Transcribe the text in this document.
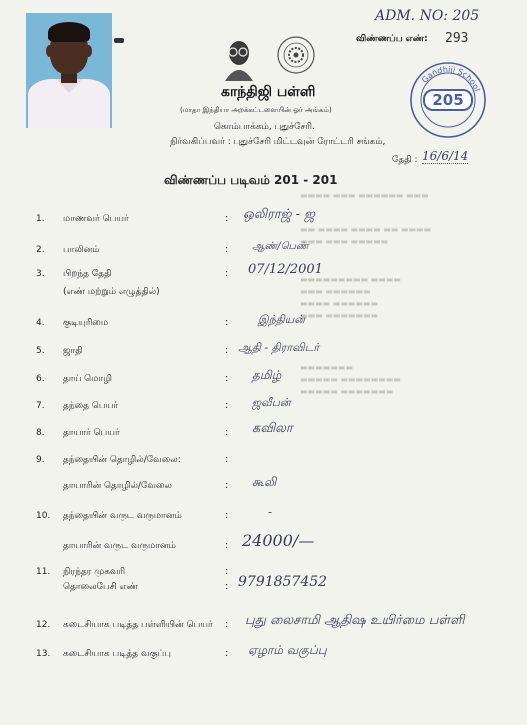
▬▬▬▬ ▬▬▬ ▬▬▬▬▬▬ ▬▬▬
▬▬ ▬▬▬▬ ▬▬▬▬ ▬▬ ▬▬▬▬
▬▬▬ ▬▬▬ ▬▬▬▬▬
▬▬▬▬▬▬▬▬▬ ▬▬▬▬
▬▬▬ ▬▬▬▬▬▬
▬▬▬▬ ▬▬▬▬▬▬
▬▬▬ ▬▬▬▬▬▬▬
▬▬▬▬▬▬▬
▬▬▬▬▬ ▬▬▬▬▬▬▬▬
▬▬▬▬▬ ▬▬▬▬▬▬▬
ADM. NO: 205
விண்ணப்ப எண்: 293
காந்திஜி பள்ளி
(மாதா இந்தியா அறக்கட்டளையின் ஓர் அங்கம்)
கொம்பாக்கம், புதுச்சேரி.
நிர்வகிப்பவர் : புதுச்சேரி மிட்டவுன் ரோட்டரி சங்கம்,
Gandhiji School
205
தேதி : 16/6/14
விண்ணப்ப படிவம் 201 - 201
1. மாணவர் பெயர்	: ஒலிராஜ் - ஜ
2. பாலினம்	: ஆண்/பெண்
3. பிறந்த தேதி
(எண் மற்றும் எழுத்தில்)
: 07/12/2001
4. குடியுரிமை	:	இந்தியன்
5. ஜாதி	: ஆதி - திராவிடர்
6. தாய் மொழி	: தமிழ்
7. தந்தை பெயர்	: ஜவீபன்
8. தாயார் பெயர்	: கவிலா
9. தந்தையின் தொழில்/வேலை:	:
தாயாரின் தொழில்/வேலை	: கூலி
10. தந்தையின் வருட வருமானம்	:	-
தாயாரின் வருட வருமானம்	: 24000/—
11. நிரந்தர முகவரி	:
தொலைபேசி எண்	: 9791857452
12. கடைசியாக படித்த பள்ளியின் பெயர் : புது லைசாமி ஆதிஷ உயிர்மை பள்ளி
13. கடைசியாக படித்த வகுப்பு	: ஏழாம் வகுப்பு
